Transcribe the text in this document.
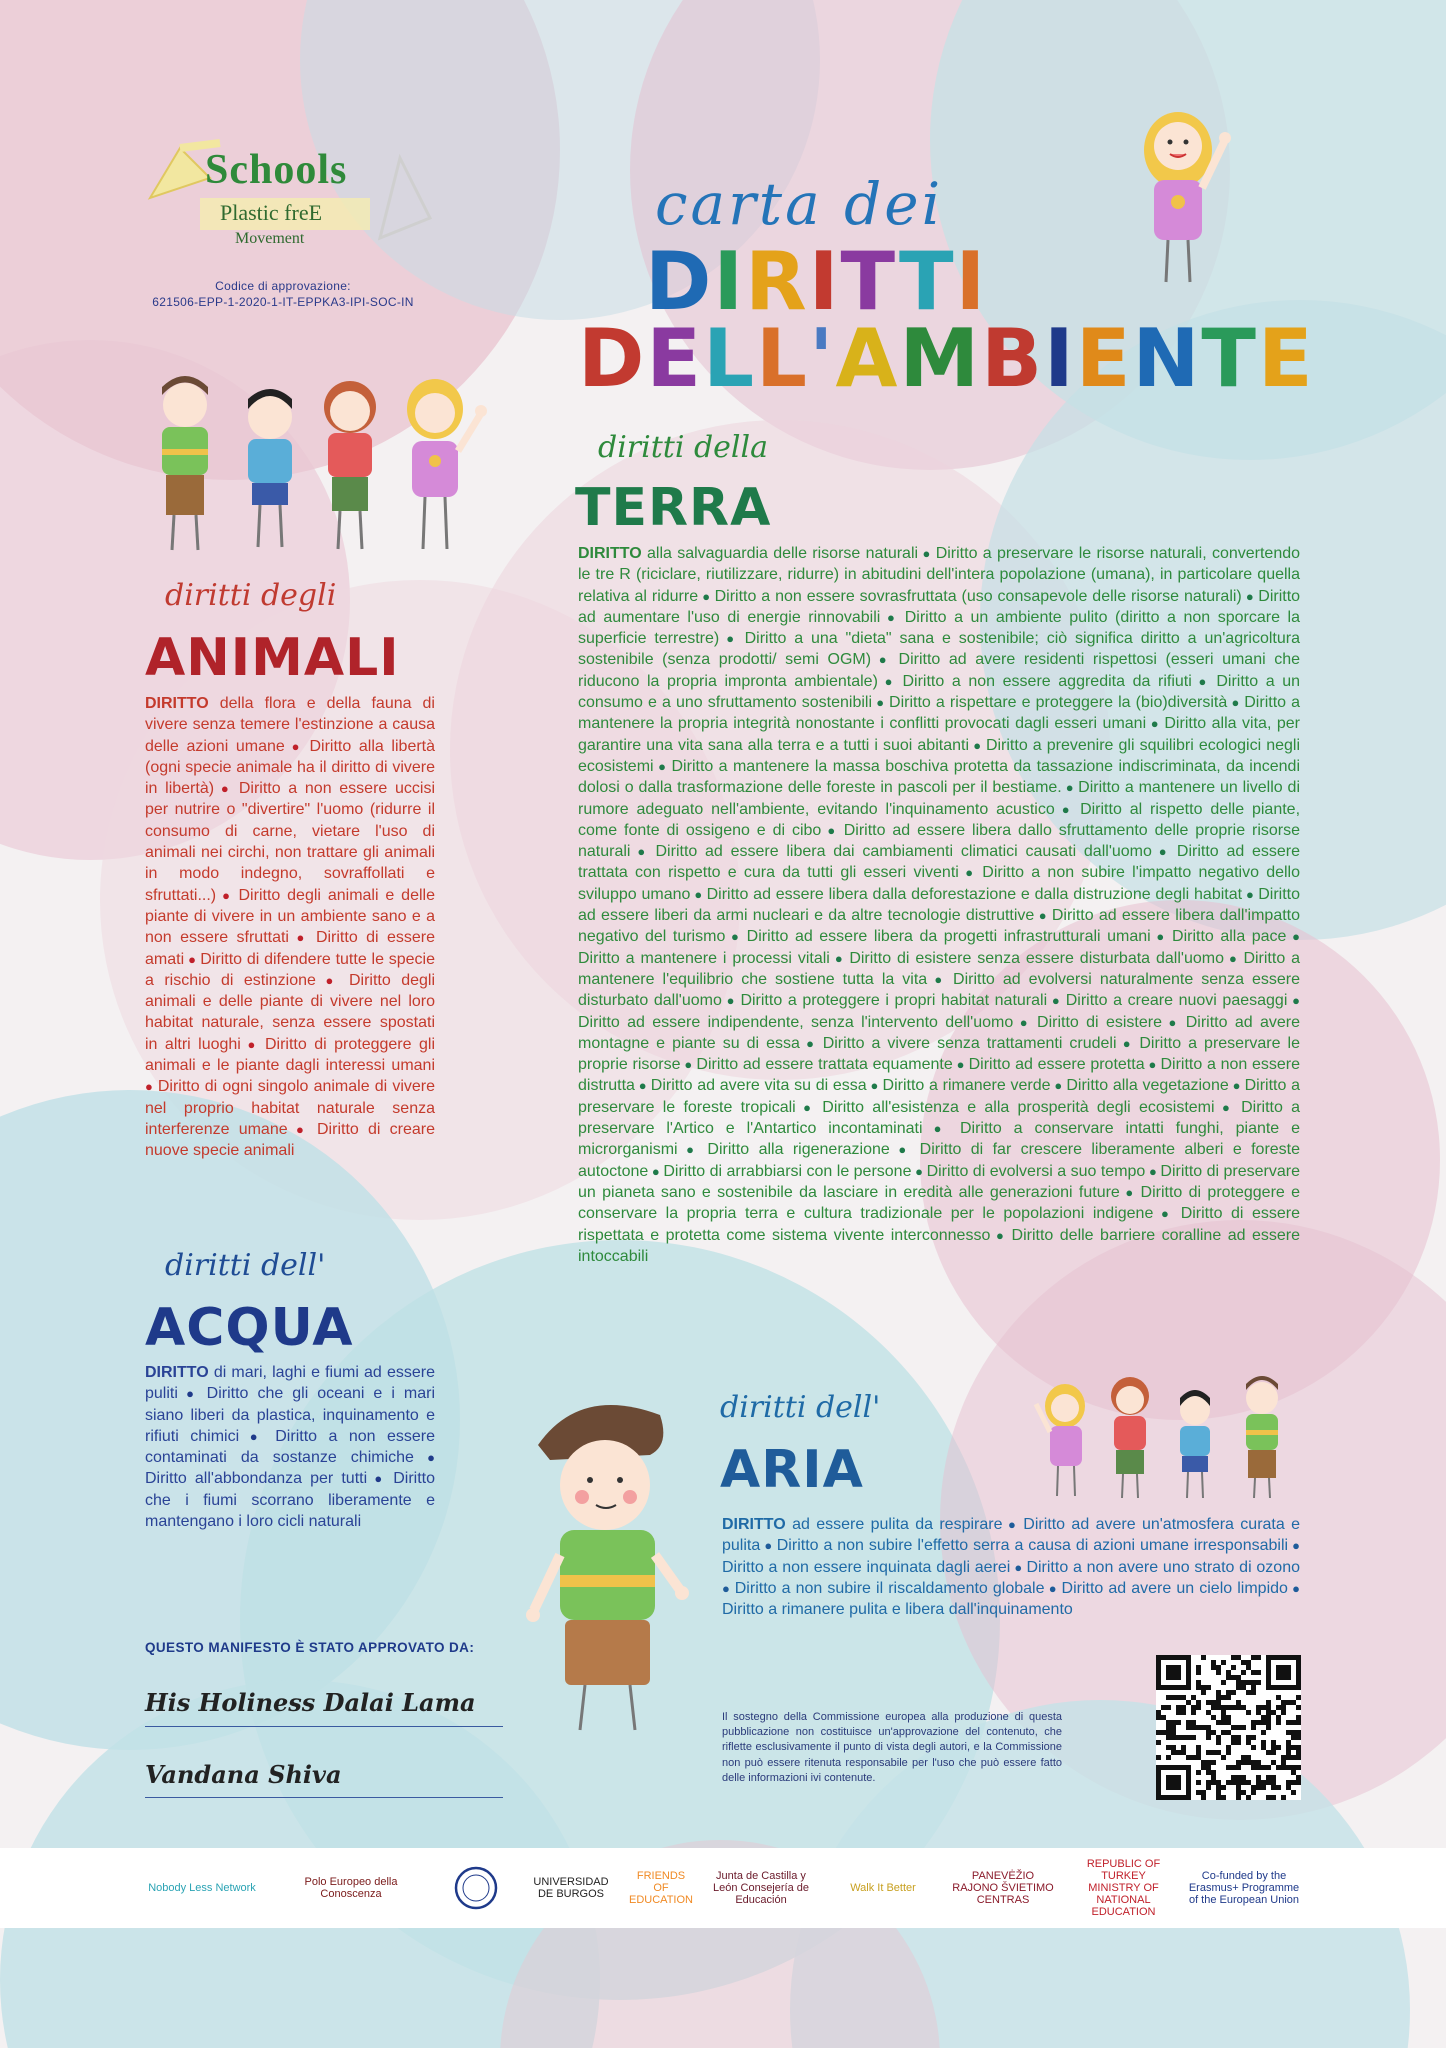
Schools
Plastic freE
Movement
Codice di approvazione:
621506-EPP-1-2020-1-IT-EPPKA3-IPI-SOC-IN
carta dei
DIRITTI
DELL'AMBIENTE
diritti degli
ANIMALI
DIRITTO della flora e della fauna di vivere senza temere l'estinzione a causa delle azioni umane ● Diritto alla libertà (ogni specie animale ha il diritto di vivere in libertà) ● Diritto a non essere uccisi per nutrire o "divertire" l'uomo (ridurre il consumo di carne, vietare l'uso di animali nei circhi, non trattare gli animali in modo indegno, sovraffollati e sfruttati...) ● Diritto degli animali e delle piante di vivere in un ambiente sano e a non essere sfruttati ● Diritto di essere amati ● Diritto di difendere tutte le specie a rischio di estinzione ● Diritto degli animali e delle piante di vivere nel loro habitat naturale, senza essere spostati in altri luoghi ● Diritto di proteggere gli animali e le piante dagli interessi umani ● Diritto di ogni singolo animale di vivere nel proprio habitat naturale senza interferenze umane ● Diritto di creare nuove specie animali
diritti dell'
ACQUA
DIRITTO di mari, laghi e fiumi ad essere puliti ● Diritto che gli oceani e i mari siano liberi da plastica, inquinamento e rifiuti chimici ● Diritto a non essere contaminati da sostanze chimiche ● Diritto all'abbondanza per tutti ● Diritto che i fiumi scorrano liberamente e mantengano i loro cicli naturali
diritti della
TERRA
DIRITTO alla salvaguardia delle risorse naturali ● Diritto a preservare le risorse naturali, convertendo le tre R (riciclare, riutilizzare, ridurre) in abitudini dell'intera popolazione (umana), in particolare quella relativa al ridurre ● Diritto a non essere sovrasfruttata (uso consapevole delle risorse naturali) ● Diritto ad aumentare l'uso di energie rinnovabili ● Diritto a un ambiente pulito (diritto a non sporcare la superficie terrestre) ● Diritto a una "dieta" sana e sostenibile; ciò significa diritto a un'agricoltura sostenibile (senza prodotti/ semi OGM) ● Diritto ad avere residenti rispettosi (esseri umani che riducono la propria impronta ambientale) ● Diritto a non essere aggredita da rifiuti ● Diritto a un consumo e a uno sfruttamento sostenibili ● Diritto a rispettare e proteggere la (bio)diversità ● Diritto a mantenere la propria integrità nonostante i conflitti provocati dagli esseri umani ● Diritto alla vita, per garantire una vita sana alla terra e a tutti i suoi abitanti ● Diritto a prevenire gli squilibri ecologici negli ecosistemi ● Diritto a mantenere la massa boschiva protetta da tassazione indiscriminata, da incendi dolosi o dalla trasformazione delle foreste in pascoli per il bestiame. ● Diritto a mantenere un livello di rumore adeguato nell'ambiente, evitando l'inquinamento acustico ● Diritto al rispetto delle piante, come fonte di ossigeno e di cibo ● Diritto ad essere libera dallo sfruttamento delle proprie risorse naturali ● Diritto ad essere libera dai cambiamenti climatici causati dall'uomo ● Diritto ad essere trattata con rispetto e cura da tutti gli esseri viventi ● Diritto a non subire l'impatto negativo dello sviluppo umano ● Diritto ad essere libera dalla deforestazione e dalla distruzione degli habitat ● Diritto ad essere liberi da armi nucleari e da altre tecnologie distruttive ● Diritto ad essere libera dall'impatto negativo del turismo ● Diritto ad essere libera da progetti infrastrutturali umani ● Diritto alla pace ● Diritto a mantenere i processi vitali ● Diritto di esistere senza essere disturbata dall'uomo ● Diritto a mantenere l'equilibrio che sostiene tutta la vita ● Diritto ad evolversi naturalmente senza essere disturbato dall'uomo ● Diritto a proteggere i propri habitat naturali ● Diritto a creare nuovi paesaggi ● Diritto ad essere indipendente, senza l'intervento dell'uomo ● Diritto di esistere ● Diritto ad avere montagne e piante su di essa ● Diritto a vivere senza trattamenti crudeli ● Diritto a preservare le proprie risorse ● Diritto ad essere trattata equamente ● Diritto ad essere protetta ● Diritto a non essere distrutta ● Diritto ad avere vita su di essa ● Diritto a rimanere verde ● Diritto alla vegetazione ● Diritto a preservare le foreste tropicali ● Diritto all'esistenza e alla prosperità degli ecosistemi ● Diritto a preservare l'Artico e l'Antartico incontaminati ● Diritto a conservare intatti funghi, piante e microrganismi ● Diritto alla rigenerazione ● Diritto di far crescere liberamente alberi e foreste autoctone ● Diritto di arrabbiarsi con le persone ● Diritto di evolversi a suo tempo ● Diritto di preservare un pianeta sano e sostenibile da lasciare in eredità alle generazioni future ● Diritto di proteggere e conservare la propria terra e cultura tradizionale per le popolazioni indigene ● Diritto di essere rispettata e protetta come sistema vivente interconnesso ● Diritto delle barriere coralline ad essere intoccabili
diritti dell'
ARIA
DIRITTO ad essere pulita da respirare ● Diritto ad avere un'atmosfera curata e pulita ● Diritto a non subire l'effetto serra a causa di azioni umane irresponsabili ● Diritto a non essere inquinata dagli aerei ● Diritto a non avere uno strato di ozono ● Diritto a non subire il riscaldamento globale ● Diritto ad avere un cielo limpido ● Diritto a rimanere pulita e libera dall'inquinamento
QUESTO MANIFESTO È STATO APPROVATO DA:
His Holiness Dalai Lama
Vandana Shiva
Il sostegno della Commissione europea alla produzione di questa pubblicazione non costituisce un'approvazione del contenuto, che riflette esclusivamente il punto di vista degli autori, e la Commissione non può essere ritenuta responsabile per l'uso che può essere fatto delle informazioni ivi contenute.
Nobody Less Network	Polo Europeo della Conoscenza
UNIVERSIDAD DE BURGOS
FRIENDS OF EDUCATION
Junta de Castilla y León Consejería de Educación
Walk It Better
PANEVĖŽIO RAJONO ŠVIETIMO CENTRAS
REPUBLIC OF TURKEY MINISTRY OF NATIONAL EDUCATION
Co-funded by the Erasmus+ Programme of the European Union
